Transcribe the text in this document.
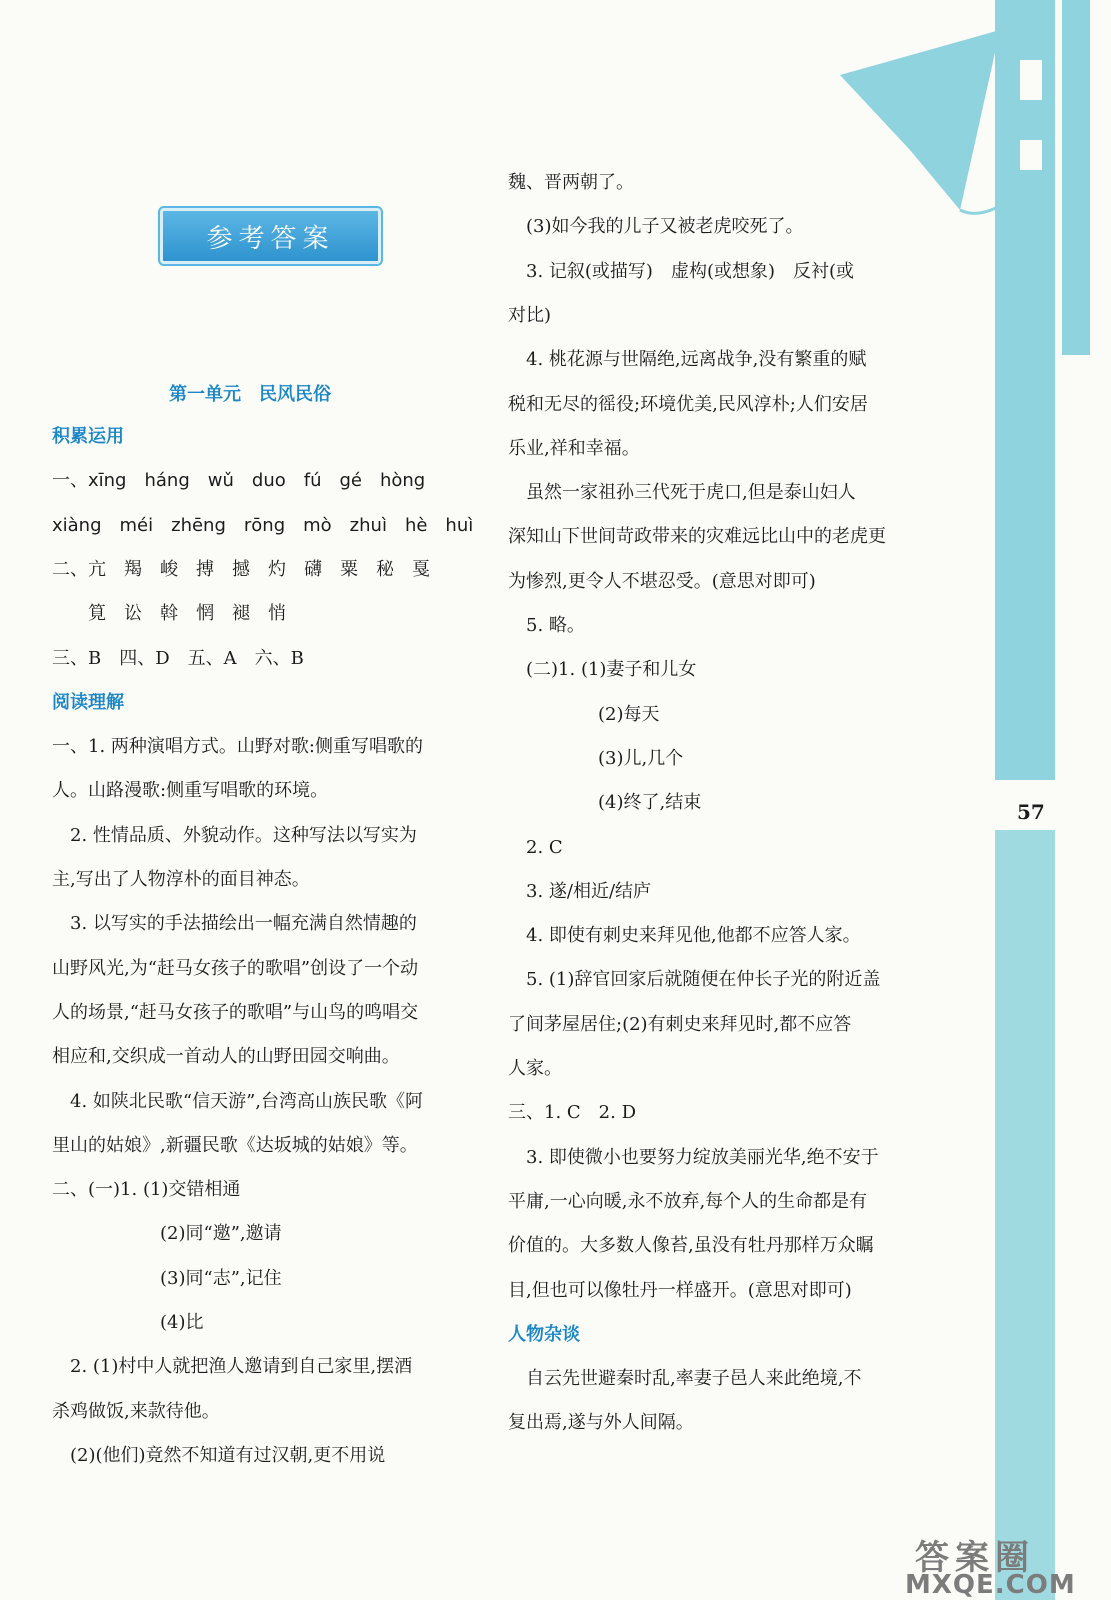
参考答案
第一单元　民风民俗
积累运用
一、xīng　háng　wǔ　duo　fú　gé　hòng
xiàng　méi　zhēng　rōng　mò　zhuì　hè　huì
二、亢　羯　峻　搏　撼　灼　礴　粟　秘　戛
　　筧　讼　斡　惘　褪　悄
三、B　四、D　五、A　六、B
阅读理解
一、1. 两种演唱方式。山野对歌:侧重写唱歌的
人。山路漫歌:侧重写唱歌的环境。
　2. 性情品质、外貌动作。这种写法以写实为
主,写出了人物淳朴的面目神态。
　3. 以写实的手法描绘出一幅充满自然情趣的
山野风光,为“赶马女孩子的歌唱”创设了一个动
人的场景,“赶马女孩子的歌唱”与山鸟的鸣唱交
相应和,交织成一首动人的山野田园交响曲。
　4. 如陕北民歌“信天游”,台湾高山族民歌《阿
里山的姑娘》,新疆民歌《达坂城的姑娘》等。
二、(一)1. (1)交错相通
　　　　　　(2)同“邀”,邀请
　　　　　　(3)同“志”,记住
　　　　　　(4)比
　2. (1)村中人就把渔人邀请到自己家里,摆酒
杀鸡做饭,来款待他。
　(2)(他们)竟然不知道有过汉朝,更不用说
魏、晋两朝了。
　(3)如今我的儿子又被老虎咬死了。
　3. 记叙(或描写)　虚构(或想象)　反衬(或
对比)
　4. 桃花源与世隔绝,远离战争,没有繁重的赋
税和无尽的徭役;环境优美,民风淳朴;人们安居
乐业,祥和幸福。
　虽然一家祖孙三代死于虎口,但是泰山妇人
深知山下世间苛政带来的灾难远比山中的老虎更
为惨烈,更令人不堪忍受。(意思对即可)
　5. 略。
　(二)1. (1)妻子和儿女
　　　　　(2)每天
　　　　　(3)儿,几个
　　　　　(4)终了,结束
　2. C
　3. 遂/相近/结庐
　4. 即使有刺史来拜见他,他都不应答人家。
　5. (1)辞官回家后就随便在仲长子光的附近盖
了间茅屋居住;(2)有刺史来拜见时,都不应答
人家。
三、1. C　2. D
　3. 即使微小也要努力绽放美丽光华,绝不安于
平庸,一心向暖,永不放弃,每个人的生命都是有
价值的。大多数人像苔,虽没有牡丹那样万众瞩
目,但也可以像牡丹一样盛开。(意思对即可)
人物杂谈
　自云先世避秦时乱,率妻子邑人来此绝境,不
复出焉,遂与外人间隔。
57
答案圈
MXQE.COM
